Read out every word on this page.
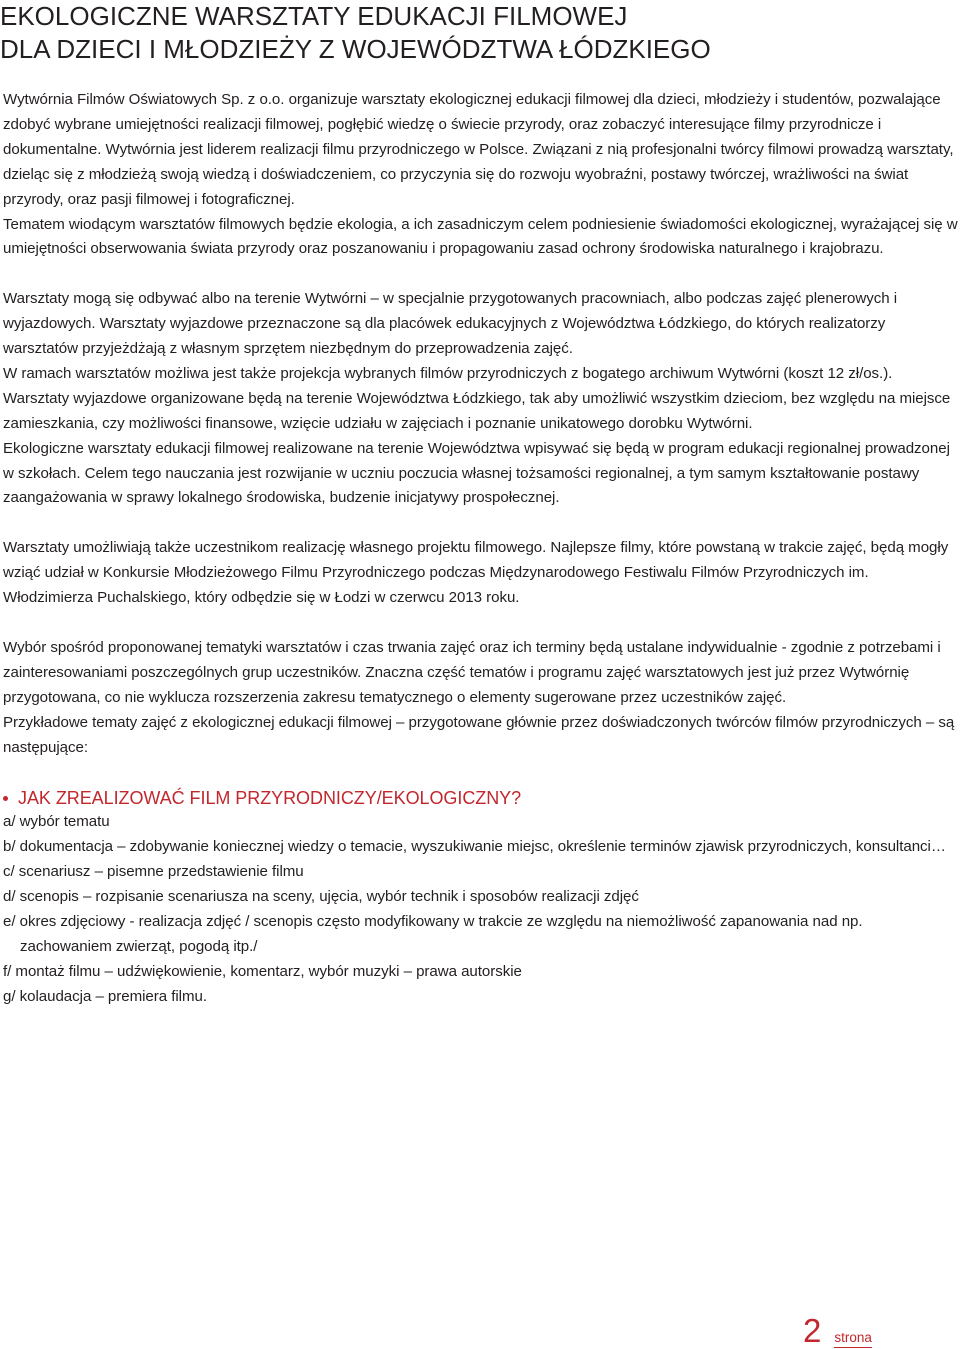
EKOLOGICZNE WARSZTATY EDUKACJI FILMOWEJ
DLA DZIECI I MŁODZIEŻY Z WOJEWÓDZTWA ŁÓDZKIEGO

Wytwórnia Filmów Oświatowych Sp. z o.o. organizuje warsztaty ekologicznej edukacji filmowej dla dzieci, młodzieży i studentów, pozwalające zdobyć wybrane umiejętności realizacji filmowej, pogłębić wiedzę o świecie przyrody, oraz zobaczyć interesujące filmy przyrodnicze i dokumentalne. Wytwórnia jest liderem realizacji filmu przyrodniczego w Polsce. Związani z nią profesjonalni twórcy filmowi prowadzą warsztaty, dzieląc się z młodzieżą swoją wiedzą i doświadczeniem, co przyczynia się do rozwoju wyobraźni, postawy twórczej, wrażliwości na świat przyrody, oraz pasji filmowej i fotograficznej.

Tematem wiodącym warsztatów filmowych będzie ekologia, a ich zasadniczym celem podniesienie świadomości ekologicznej, wyrażającej się w umiejętności obserwowania świata przyrody oraz poszanowaniu i propagowaniu zasad ochrony środowiska naturalnego i krajobrazu.

Warsztaty mogą się odbywać albo na terenie Wytwórni – w specjalnie przygotowanych pracowniach, albo podczas zajęć plenerowych i wyjazdowych. Warsztaty wyjazdowe przeznaczone są dla placówek edukacyjnych z Województwa Łódzkiego, do których realizatorzy warsztatów przyjeżdżają z własnym sprzętem niezbędnym do przeprowadzenia zajęć.

W ramach warsztatów możliwa jest także projekcja wybranych filmów przyrodniczych z bogatego archiwum Wytwórni (koszt 12 zł/os.).

Warsztaty wyjazdowe organizowane będą na terenie Województwa Łódzkiego, tak aby umożliwić wszystkim dzieciom, bez względu na miejsce zamieszkania, czy możliwości finansowe, wzięcie udziału w zajęciach i poznanie unikatowego dorobku Wytwórni.

Ekologiczne warsztaty edukacji filmowej realizowane na terenie Województwa wpisywać się będą w program edukacji regionalnej prowadzonej w szkołach. Celem tego nauczania jest rozwijanie w uczniu poczucia własnej tożsamości regionalnej, a tym samym kształtowanie postawy zaangażowania w sprawy lokalnego środowiska, budzenie inicjatywy prospołecznej.

Warsztaty umożliwiają także uczestnikom realizację własnego projektu filmowego. Najlepsze filmy, które powstaną w trakcie zajęć, będą mogły wziąć udział w Konkursie Młodzieżowego Filmu Przyrodniczego podczas Międzynarodowego Festiwalu Filmów Przyrodniczych im. Włodzimierza Puchalskiego, który odbędzie się w Łodzi w czerwcu 2013 roku.

Wybór spośród proponowanej tematyki warsztatów i czas trwania zajęć oraz ich terminy będą ustalane indywidualnie - zgodnie z potrzebami i zainteresowaniami poszczególnych grup uczestników. Znaczna część tematów i programu zajęć warsztatowych jest już przez Wytwórnię przygotowana, co nie wyklucza rozszerzenia zakresu tematycznego o elementy sugerowane przez uczestników zajęć.

Przykładowe tematy zajęć z ekologicznej edukacji filmowej – przygotowane głównie przez doświadczonych twórców filmów przyrodniczych – są następujące:

JAK ZREALIZOWAĆ FILM PRZYRODNICZY/EKOLOGICZNY?
a/ wybór tematu
b/ dokumentacja – zdobywanie koniecznej wiedzy o temacie, wyszukiwanie miejsc, określenie terminów zjawisk przyrodniczych, konsultanci…
c/ scenariusz – pisemne przedstawienie filmu
d/ scenopis – rozpisanie scenariusza na sceny, ujęcia, wybór technik i sposobów realizacji zdjęć
e/ okres zdjęciowy - realizacja zdjęć / scenopis często modyfikowany w trakcie ze względu na niemożliwość zapanowania nad np. zachowaniem zwierząt, pogodą itp./
f/ montaż filmu – udźwiękowienie, komentarz, wybór muzyki – prawa autorskie
g/ kolaudacja – premiera filmu.
2 strona
